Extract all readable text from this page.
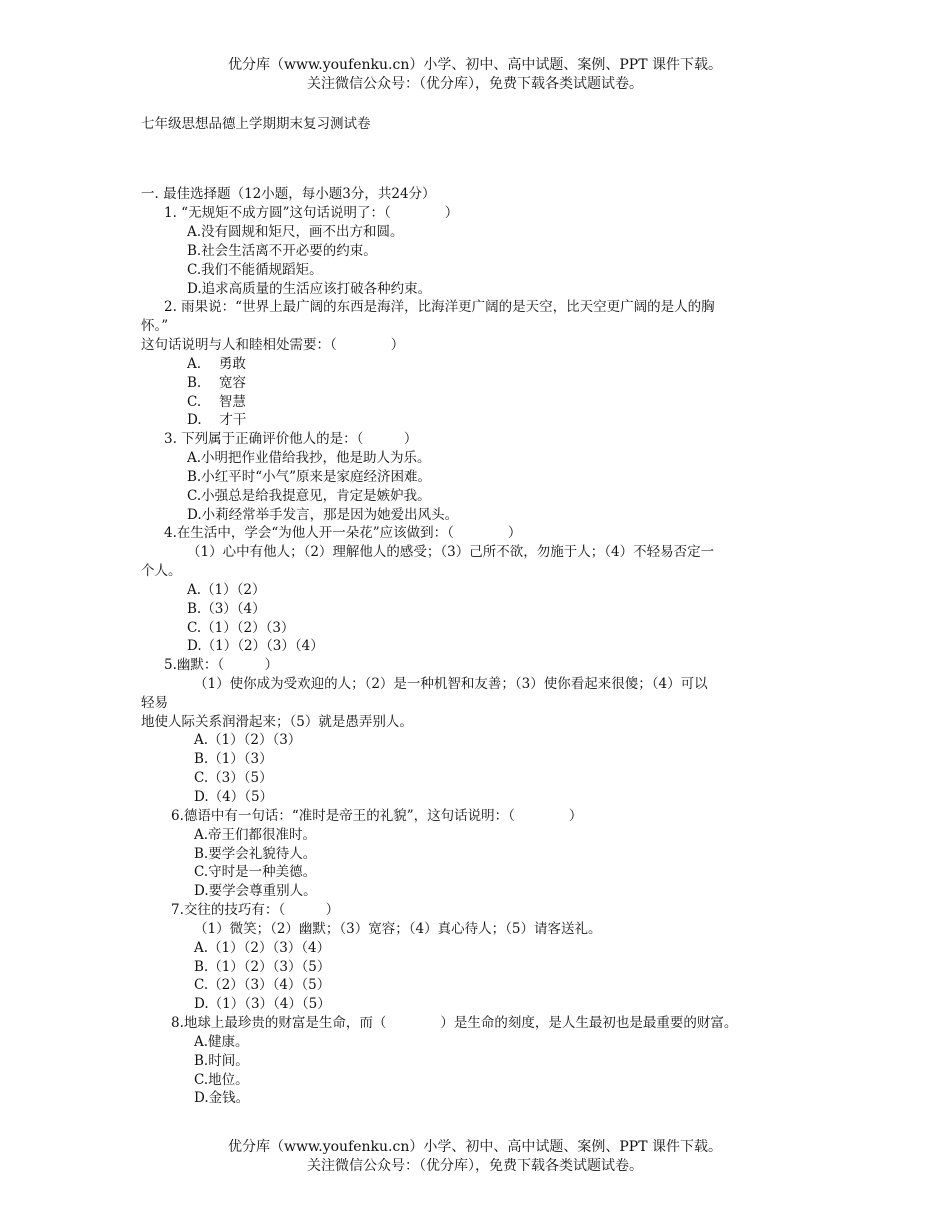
优分库（www.youfenku.cn）小学、初中、高中试题、案例、PPT 课件下载。
关注微信公众号：（优分库），免费下载各类试题试卷。
七年级思想品德上学期期末复习测试卷
一. 最佳选择题（12小题，每小题3分，共24分）
1. “无规矩不成方圆”这句话说明了：（　　　　）
A.没有圆规和矩尺，画不出方和圆。
B.社会生活离不开必要的约束。
C.我们不能循规蹈矩。
D.追求高质量的生活应该打破各种约束。
2. 雨果说：“世界上最广阔的东西是海洋，比海洋更广阔的是天空，比天空更广阔的是人的胸
怀。”
这句话说明与人和睦相处需要：（　　　　）
A.　 勇敢
B.　 宽容
C.　 智慧
D.　 才干
3. 下列属于正确评价他人的是：（　　　）
A.小明把作业借给我抄，他是助人为乐。
B.小红平时“小气”原来是家庭经济困难。
C.小强总是给我提意见，肯定是嫉妒我。
D.小莉经常举手发言，那是因为她爱出风头。
4.在生活中，学会“为他人开一朵花”应该做到：（　　　　）
（1）心中有他人；（2）理解他人的感受；（3）己所不欲，勿施于人；（4）不轻易否定一
个人。
A.（1）（2）
B.（3）（4）
C.（1）（2）（3）
D.（1）（2）（3）（4）
5.幽默：（　　　）
（1）使你成为受欢迎的人；（2）是一种机智和友善；（3）使你看起来很傻；（4）可以
轻易
地使人际关系润滑起来；（5）就是愚弄别人。
A.（1）（2）（3）
B.（1）（3）
C.（3）（5）
D.（4）（5）
6.德语中有一句话：“准时是帝王的礼貌”，这句话说明：（　　　　）
A.帝王们都很准时。
B.要学会礼貌待人。
C.守时是一种美德。
D.要学会尊重别人。
7.交往的技巧有：（　　　）
（1）微笑；（2）幽默；（3）宽容；（4）真心待人；（5）请客送礼。
A.（1）（2）（3）（4）
B.（1）（2）（3）（5）
C.（2）（3）（4）（5）
D.（1）（3）（4）（5）
8.地球上最珍贵的财富是生命，而（　　　　）是生命的刻度，是人生最初也是最重要的财富。
A.健康。
B.时间。
C.地位。
D.金钱。
优分库（www.youfenku.cn）小学、初中、高中试题、案例、PPT 课件下载。
关注微信公众号：（优分库），免费下载各类试题试卷。
